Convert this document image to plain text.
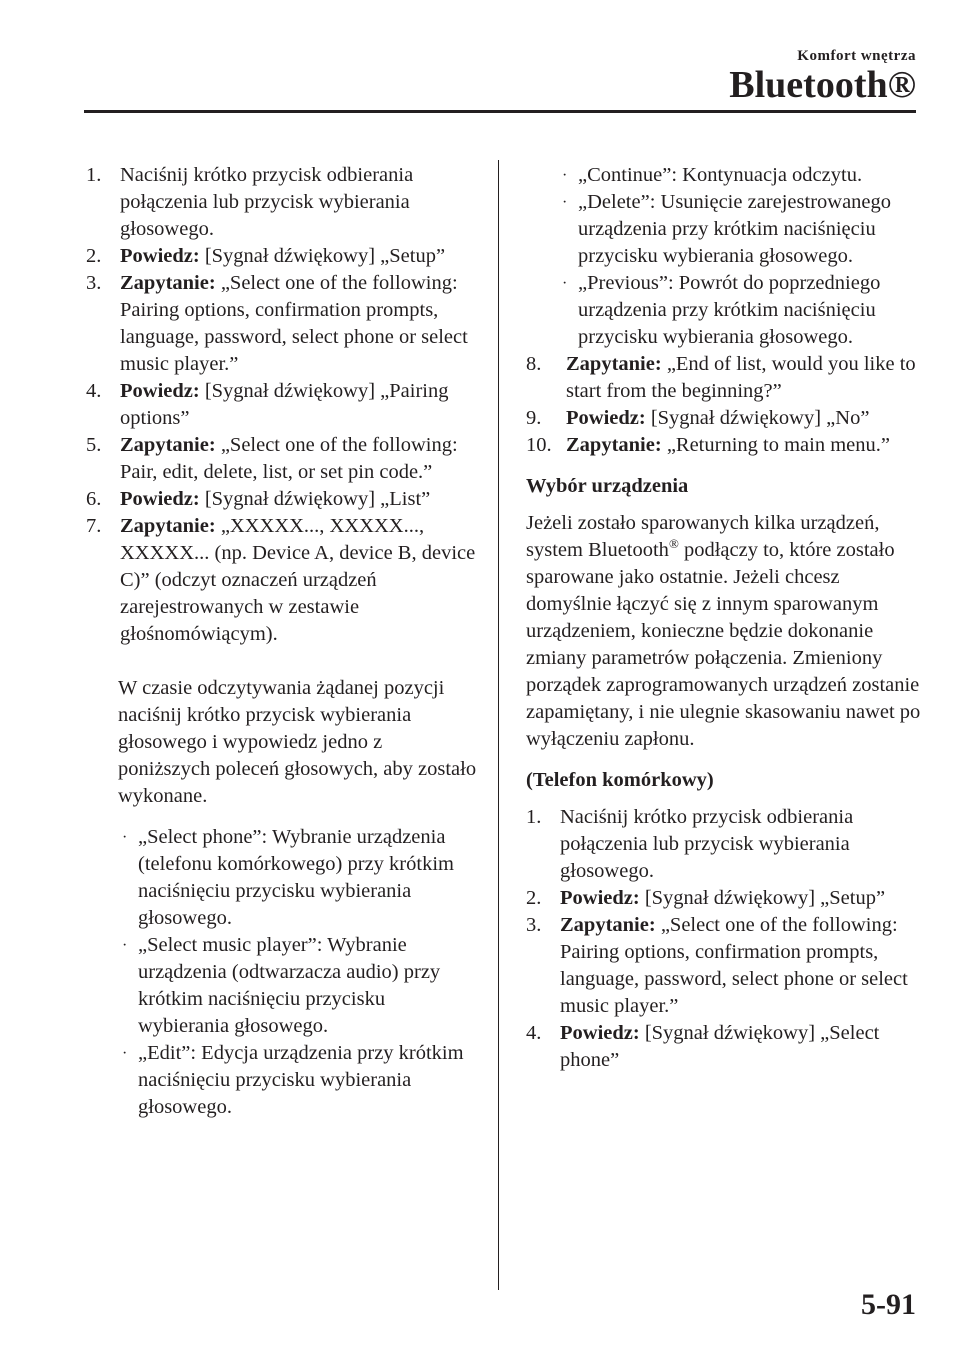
Komfort wnętrza
Bluetooth®
1. Naciśnij krótko przycisk odbierania połączenia lub przycisk wybierania głosowego.
2. Powiedz: [Sygnał dźwiękowy] „Setup”
3. Zapytanie: „Select one of the following: Pairing options, confirmation prompts, language, password, select phone or select music player.”
4. Powiedz: [Sygnał dźwiękowy] „Pairing options”
5. Zapytanie: „Select one of the following: Pair, edit, delete, list, or set pin code.”
6. Powiedz: [Sygnał dźwiękowy] „List”
7. Zapytanie: „XXXXX..., XXXXX..., XXXXX... (np. Device A, device B, device C)” (odczyt oznaczeń urządzeń zarejestrowanych w zestawie głośnomówiącym).

W czasie odczytywania żądanej pozycji naciśnij krótko przycisk wybierania głosowego i wypowiedz jedno z poniższych poleceń głosowych, aby zostało wykonane.

· „Select phone”: Wybranie urządzenia (telefonu komórkowego) przy krótkim naciśnięciu przycisku wybierania głosowego.
· „Select music player”: Wybranie urządzenia (odtwarzacza audio) przy krótkim naciśnięciu przycisku wybierania głosowego.
· „Edit”: Edycja urządzenia przy krótkim naciśnięciu przycisku wybierania głosowego.
· „Continue”: Kontynuacja odczytu.
· „Delete”: Usunięcie zarejestrowanego urządzenia przy krótkim naciśnięciu przycisku wybierania głosowego.
· „Previous”: Powrót do poprzedniego urządzenia przy krótkim naciśnięciu przycisku wybierania głosowego.
8. Zapytanie: „End of list, would you like to start from the beginning?”
9. Powiedz: [Sygnał dźwiękowy] „No”
10. Zapytanie: „Returning to main menu.”
Wybór urządzenia

Jeżeli zostało sparowanych kilka urządzeń, system Bluetooth® podłączy to, które zostało sparowane jako ostatnie. Jeżeli chcesz domyślnie łączyć się z innym sparowanym urządzeniem, konieczne będzie dokonanie zmiany parametrów połączenia. Zmieniony porządek zaprogramowanych urządzeń zostanie zapamiętany, i nie ulegnie skasowaniu nawet po wyłączeniu zapłonu.

(Telefon komórkowy)
1. Naciśnij krótko przycisk odbierania połączenia lub przycisk wybierania głosowego.
2. Powiedz: [Sygnał dźwiękowy] „Setup”
3. Zapytanie: „Select one of the following: Pairing options, confirmation prompts, language, password, select phone or select music player.”
4. Powiedz: [Sygnał dźwiękowy] „Select phone”
5-91
